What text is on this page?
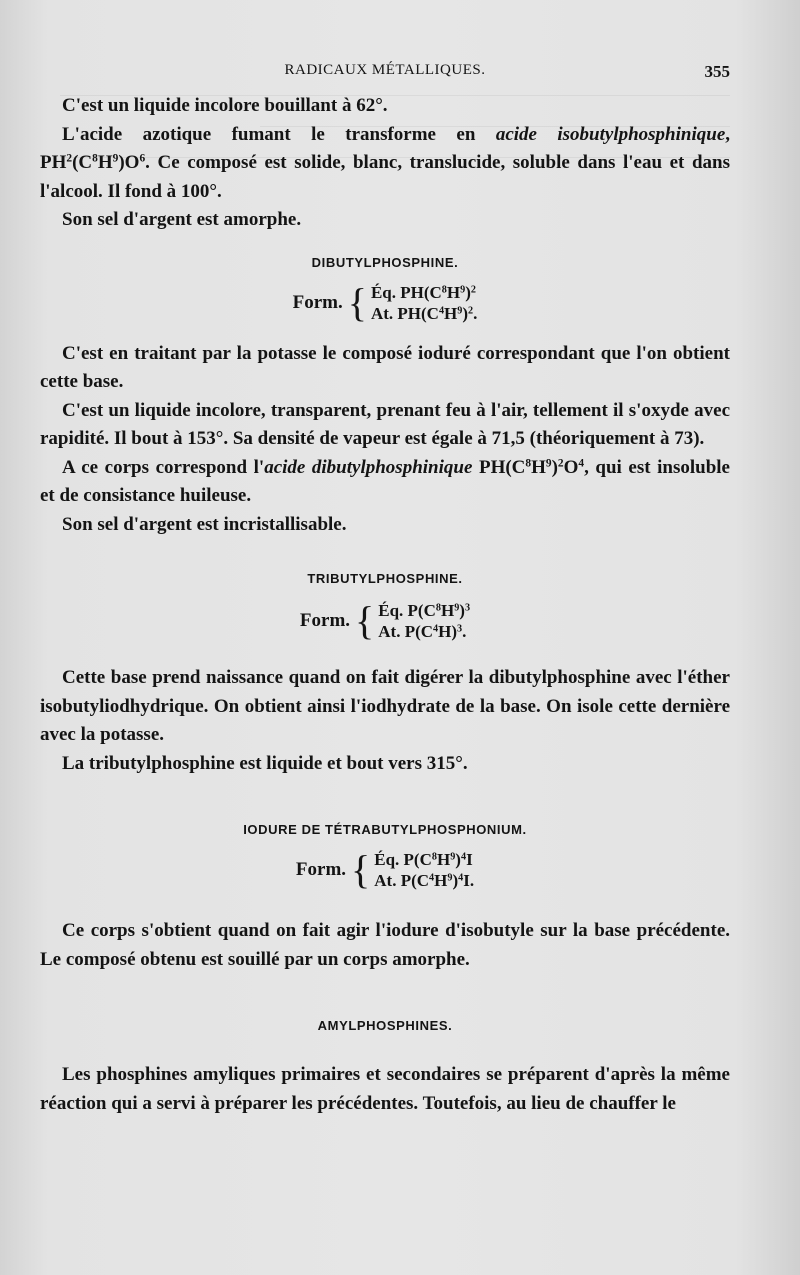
RADICAUX MÉTALLIQUES.	355

C'est un liquide incolore bouillant à 62°.

L'acide azotique fumant le transforme en acide isobutylphosphinique, $PH^2(C^8H^9)O^6$. Ce composé est solide, blanc, translucide, soluble dans l'eau et dans l'alcool. Il fond à 100°.

Son sel d'argent est amorphe.

DIBUTYLPHOSPHINE.
Form. { Éq. $PH(C^8H^9)^2$
At. $PH(C^4H^9)^2$.

C'est en traitant par la potasse le composé ioduré correspondant que l'on obtient cette base.

C'est un liquide incolore, transparent, prenant feu à l'air, tellement il s'oxyde avec rapidité. Il bout à 153°. Sa densité de vapeur est égale à 71,5 (théoriquement à 73).

A ce corps correspond l'acide dibutylphosphinique $PH(C^8H^9)^2O^4$, qui est insoluble et de consistance huileuse.

Son sel d'argent est incristallisable.

TRIBUTYLPHOSPHINE.
Form. { Éq. $P(C^8H^9)^3$
At. $P(C^4H)^3$.

Cette base prend naissance quand on fait digérer la dibutylphosphine avec l'éther isobutyliodhydrique. On obtient ainsi l'iodhydrate de la base. On isole cette dernière avec la potasse.

La tributylphosphine est liquide et bout vers 315°.

IODURE DE TÉTRABUTYLPHOSPHONIUM.
Form. { Éq. $P(C^8H^9)^4I$
At. $P(C^4H^9)^4I$.

Ce corps s'obtient quand on fait agir l'iodure d'isobutyle sur la base précédente. Le composé obtenu est souillé par un corps amorphe.

AMYLPHOSPHINES.

Les phosphines amyliques primaires et secondaires se préparent d'après la même réaction qui a servi à préparer les précédentes. Toutefois, au lieu de chauffer le
